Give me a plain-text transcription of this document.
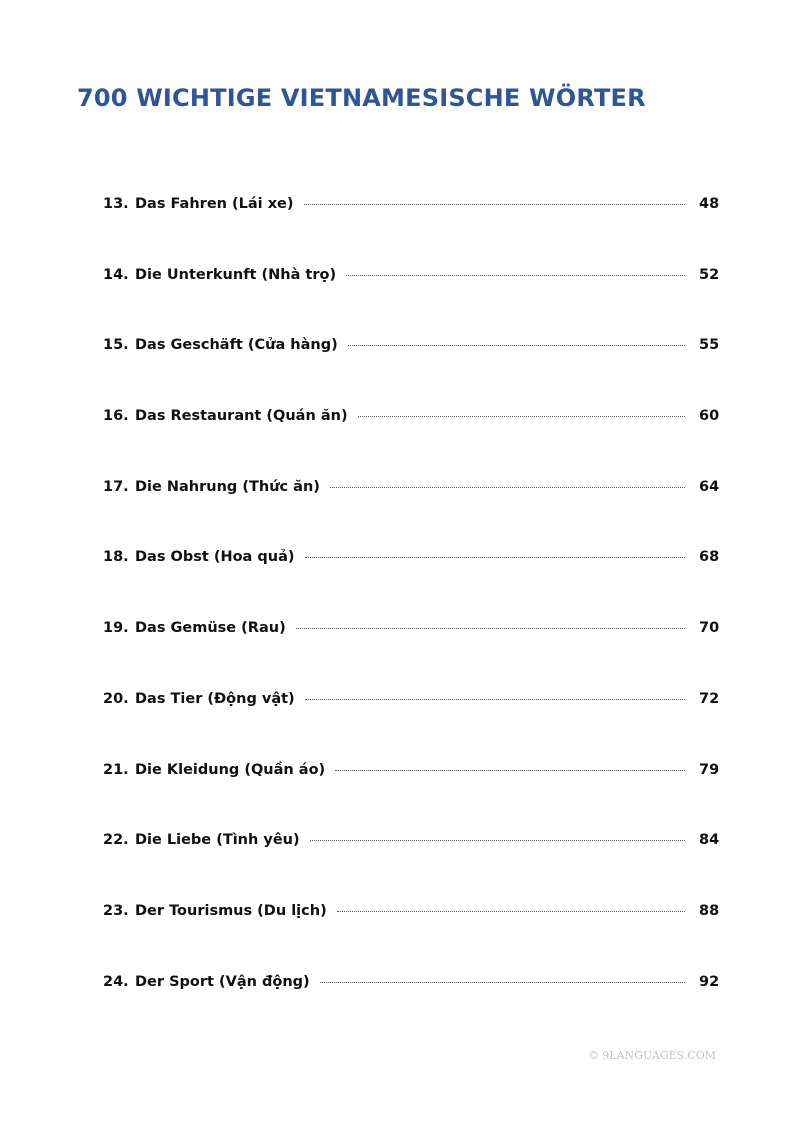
700 WICHTIGE VIETNAMESISCHE WÖRTER
13. Das Fahren (Lái xe)	48
14. Die Unterkunft (Nhà trọ)	52
15. Das Geschäft (Cửa hàng)	55
16. Das Restaurant (Quán ăn)	60
17. Die Nahrung (Thức ăn)	64
18. Das Obst (Hoa quả)	68
19. Das Gemüse (Rau)	70
20. Das Tier (Động vật)	72
21. Die Kleidung (Quần áo)	79
22. Die Liebe (Tình yêu)	84
23. Der Tourismus (Du lịch)	88
24. Der Sport (Vận động)	92
© 9LANGUAGES.COM
